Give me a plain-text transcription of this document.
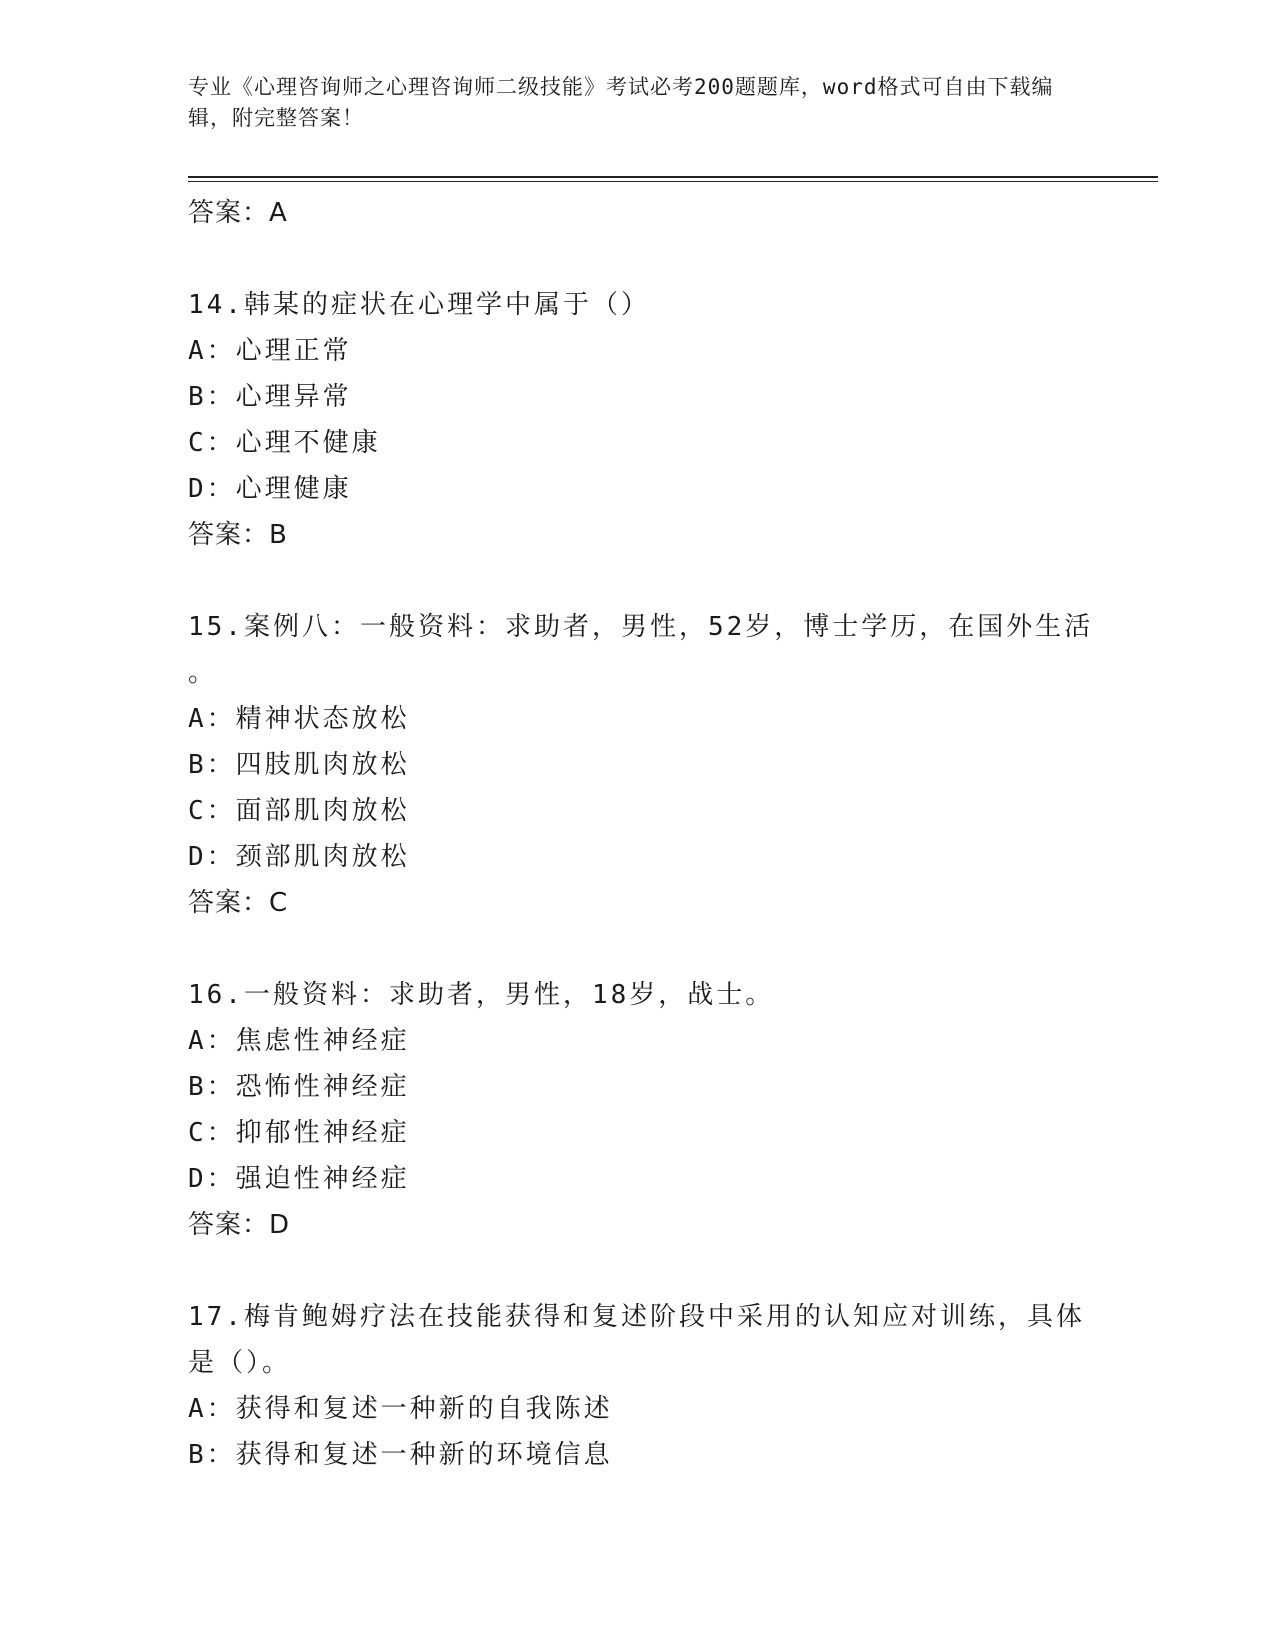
专业《心理咨询师之心理咨询师二级技能》考试必考200题题库，word格式可自由下载编辑，附完整答案！
答案：A
14.韩某的症状在心理学中属于（）
A：心理正常
B：心理异常
C：心理不健康
D：心理健康
答案：B
15.案例八：一般资料：求助者，男性，52岁，博士学历，在国外生活
。
A：精神状态放松
B：四肢肌肉放松
C：面部肌肉放松
D：颈部肌肉放松
答案：C
16.一般资料：求助者，男性，18岁，战士。
A：焦虑性神经症
B：恐怖性神经症
C：抑郁性神经症
D：强迫性神经症
答案：D
17.梅肯鲍姆疗法在技能获得和复述阶段中采用的认知应对训练，具体
是（）。
A：获得和复述一种新的自我陈述
B：获得和复述一种新的环境信息
